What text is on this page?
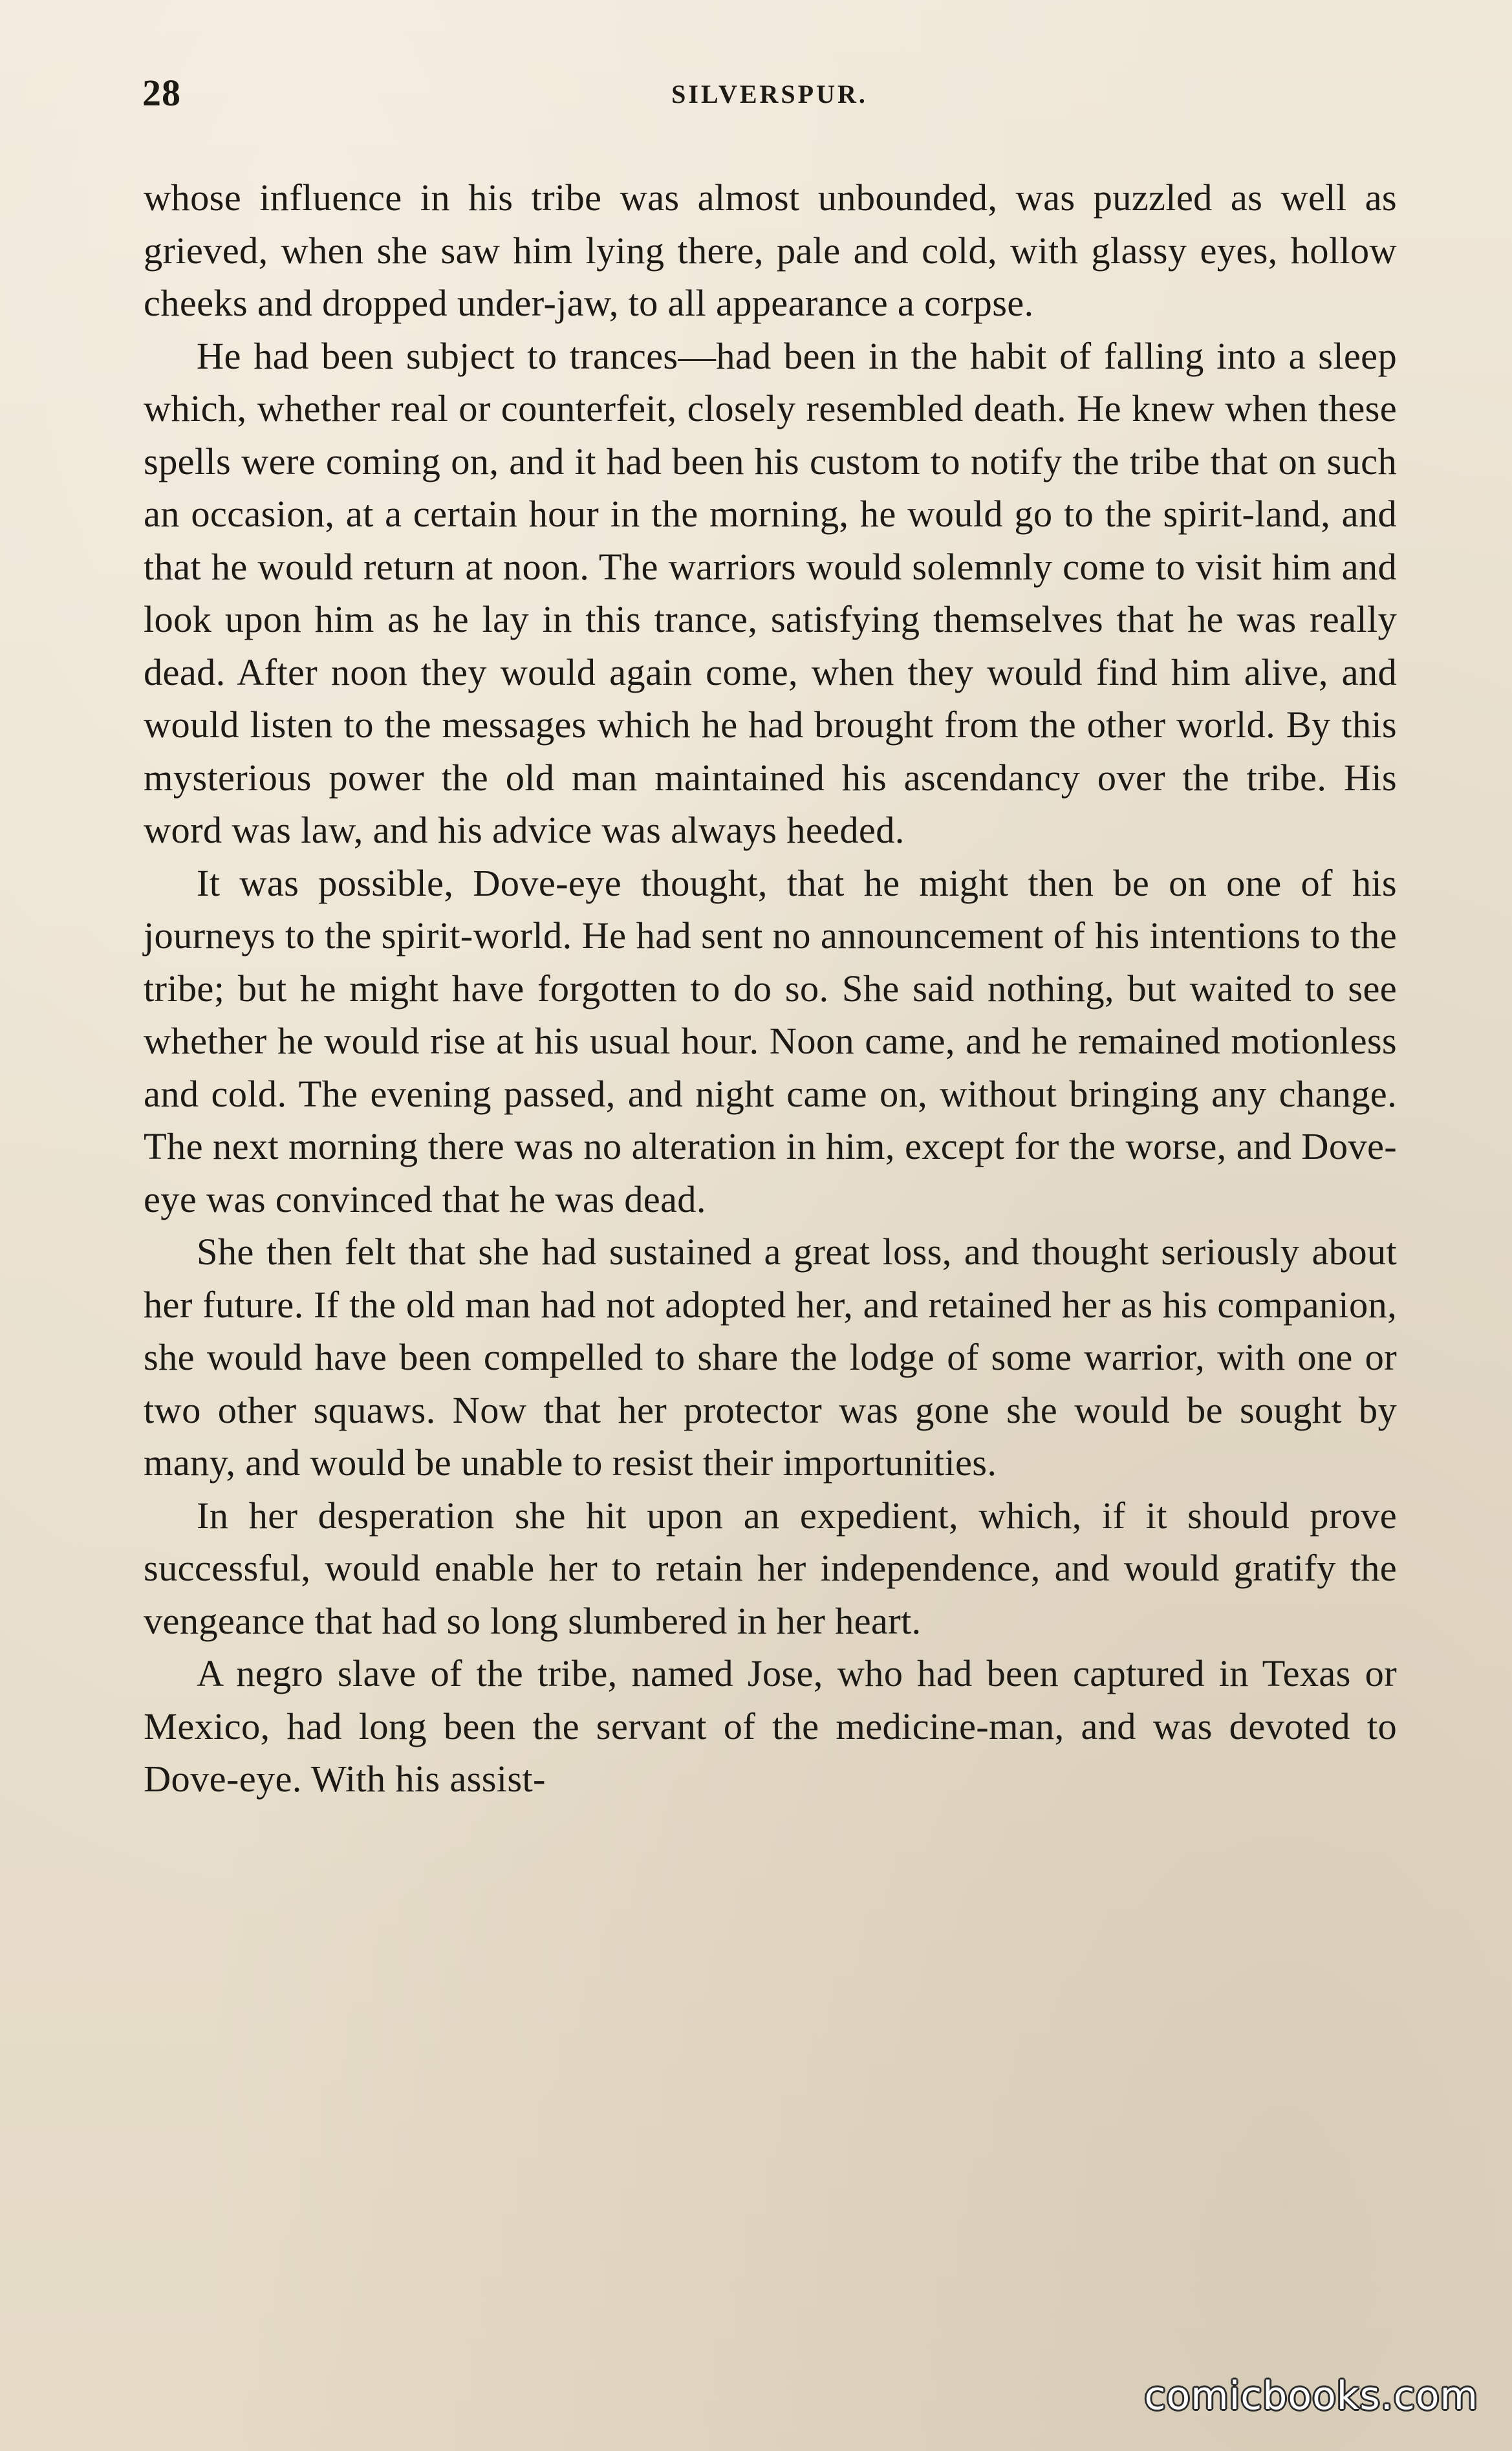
28	SILVERSPUR.

whose influence in his tribe was almost unbounded, was puzzled as well as grieved, when she saw him lying there, pale and cold, with glassy eyes, hollow cheeks and dropped under-jaw, to all appearance a corpse.

He had been subject to trances—had been in the habit of falling into a sleep which, whether real or counterfeit, closely resembled death. He knew when these spells were coming on, and it had been his custom to notify the tribe that on such an occasion, at a certain hour in the morning, he would go to the spirit-land, and that he would return at noon. The warriors would solemnly come to visit him and look upon him as he lay in this trance, satisfying themselves that he was really dead. After noon they would again come, when they would find him alive, and would listen to the messages which he had brought from the other world. By this mysterious power the old man maintained his ascendancy over the tribe. His word was law, and his advice was always heeded.

It was possible, Dove-eye thought, that he might then be on one of his journeys to the spirit-world. He had sent no announcement of his intentions to the tribe; but he might have forgotten to do so. She said nothing, but waited to see whether he would rise at his usual hour. Noon came, and he remained motionless and cold. The evening passed, and night came on, without bringing any change. The next morning there was no alteration in him, except for the worse, and Dove-eye was convinced that he was dead.

She then felt that she had sustained a great loss, and thought seriously about her future. If the old man had not adopted her, and retained her as his companion, she would have been compelled to share the lodge of some warrior, with one or two other squaws. Now that her protector was gone she would be sought by many, and would be unable to resist their importunities.

In her desperation she hit upon an expedient, which, if it should prove successful, would enable her to retain her independence, and would gratify the vengeance that had so long slumbered in her heart.

A negro slave of the tribe, named Jose, who had been captured in Texas or Mexico, had long been the servant of the medicine-man, and was devoted to Dove-eye. With his assist-

comicbooks.com
